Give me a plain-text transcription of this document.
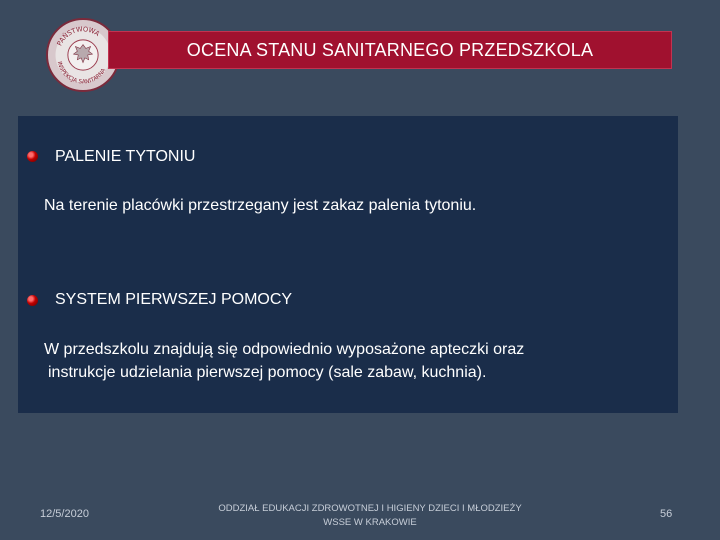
PAŃSTWOWA
INSPEKCJA SANITARNA
OCENA STANU SANITARNEGO PRZEDSZKOLA
PALENIE TYTONIU
Na terenie placówki przestrzegany jest zakaz palenia tytoniu.
SYSTEM PIERWSZEJ POMOCY
W przedszkolu znajdują się odpowiednio wyposażone apteczki oraz
instrukcje udzielania pierwszej pomocy (sale zabaw, kuchnia).
12/5/2020	ODDZIAŁ EDUKACJI ZDROWOTNEJ I HIGIENY DZIECI I MŁODZIEŻY
WSSE W KRAKOWIE
56
